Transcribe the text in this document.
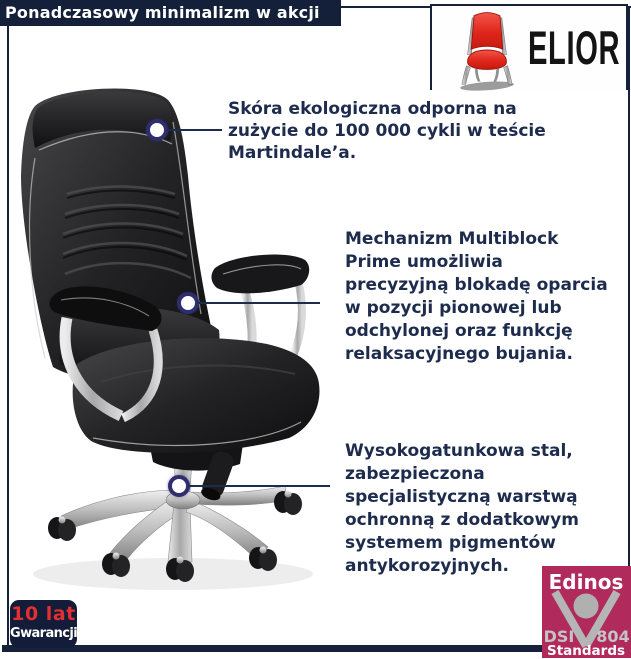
Ponadczasowy minimalizm w akcji
ELIOR
Skóra ekologiczna odporna na
zużycie do 100 000 cykli w teście
Martindale’a.
Mechanizm Multiblock
Prime umożliwia
precyzyjną blokadę oparcia
w pozycji pionowej lub
odchylonej oraz funkcję
relaksacyjnego bujania.
Wysokogatunkowa stal,
zabezpieczona
specjalistyczną warstwą
ochronną z dodatkowym
systemem pigmentów
antykorozyjnych.
10 lat
Gwarancji
Edinos
DSI 804
Standards
